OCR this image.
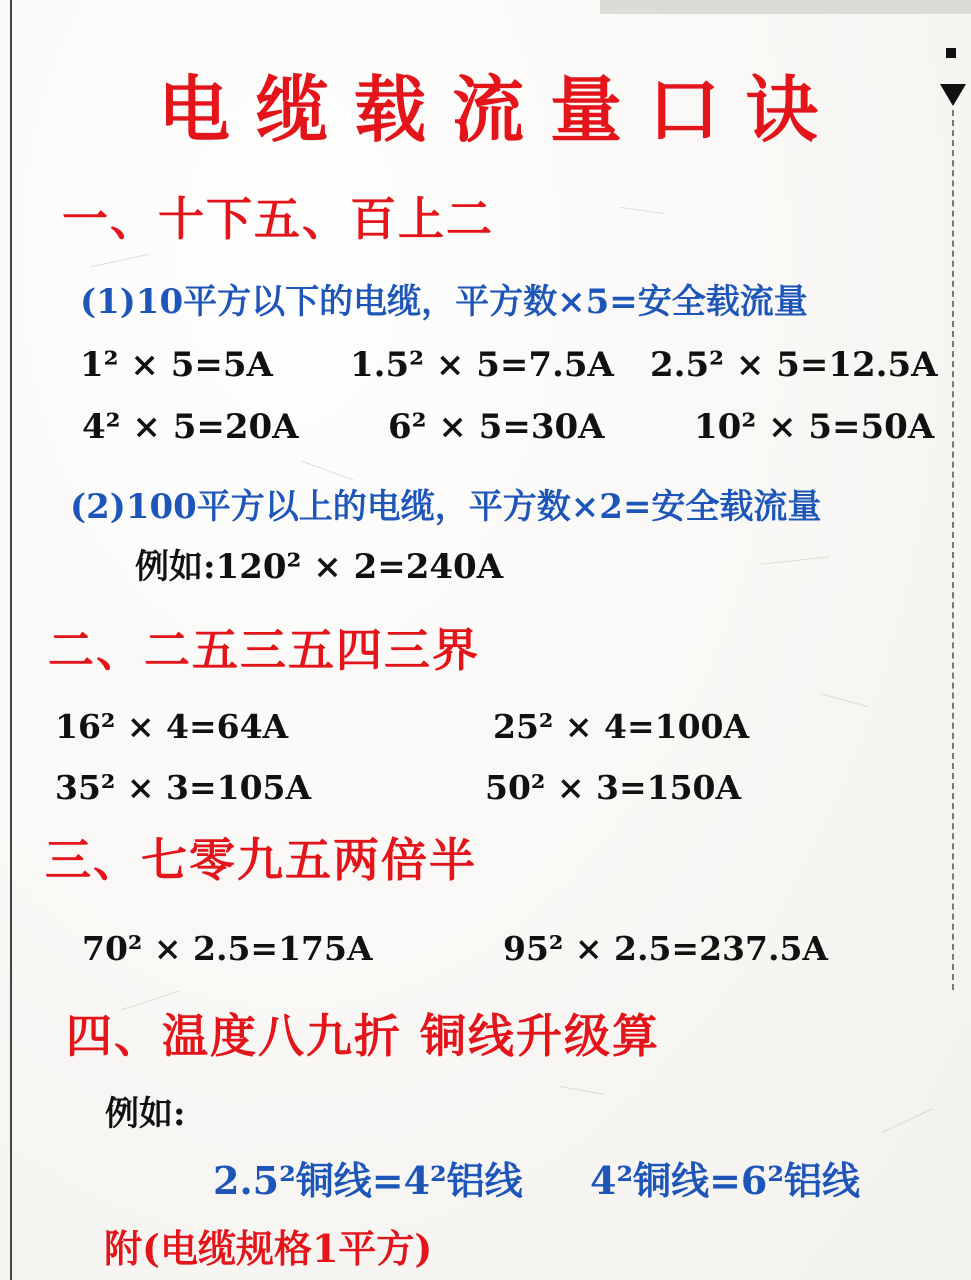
电缆载流量口诀
一、十下五、百上二
(1)10平方以下的电缆，平方数×5=安全载流量
1² × 5=5A 1.5² × 5=7.5A 2.5² × 5=12.5A
4² × 5=20A	6² × 5=30A	10² × 5=50A
(2)100平方以上的电缆，平方数×2=安全载流量
例如:120² × 2=240A
二、二五三五四三界
16² × 4=64A	25² × 4=100A
35² × 3=105A	50² × 3=150A
三、七零九五两倍半
70² × 2.5=175A	95² × 2.5=237.5A
四、温度八九折 铜线升级算
例如:
2.5²铜线=4²铝线 4²铜线=6²铝线
附(电缆规格1平方)
